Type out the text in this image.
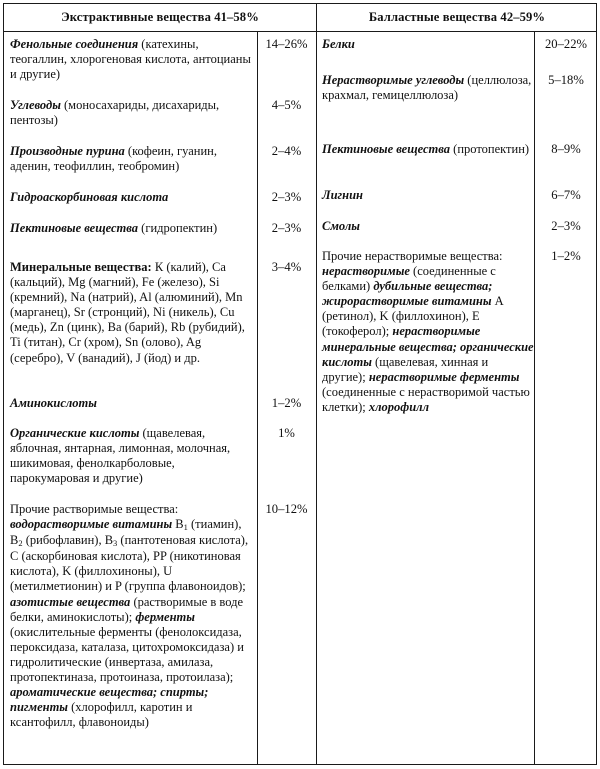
Экстрактивные вещества 41–58%	Балластные вещества 42–59%
Фенольные соединения (катехины, теогаллин, хлорогеновая кислота, антоцианы и другие)
14–26%
Углеводы (моносахариды, дисахариды, пентозы)
4–5%
Производные пурина (кофеин, гуанин, аденин, теофиллин, теобромин)
2–4%
Гидроаскорбиновая кислота	2–3%
Пектиновые вещества (гидропектин)	2–3%
Минеральные вещества: К (калий), Ca (кальций), Mg (магний), Fe (железо), Si (кремний), Na (натрий), Al (алюминий), Mn (марганец), Sr (стронций), Ni (никель), Cu (медь), Zn (цинк), Ba (барий), Rb (рубидий), Ti (титан), Cr (хром), Sn (олово), Ag (серебро), V (ванадий), J (йод) и др.
3–4%
Аминокислоты	1–2%
Органические кислоты (щавелевая, яблочная, янтарная, лимонная, молочная, шикимовая, фенолкарболовые, парокумаровая и другие)
1%
Прочие растворимые вещества: водорастворимые витамины $B_1$ (тиамин), $B_2$ (рибофлавин), $B_3$ (пантотеновая кислота), C (аскорбиновая кислота), PP (никотиновая кислота), K (филлохиноны), U (метилметионин) и P (группа флавоноидов); азотистые вещества (растворимые в воде белки, аминокислоты); ферменты (окислительные ферменты (фенолоксидаза, пероксидаза, каталаза, цитохромоксидаза) и гидролитические (инвертаза, амилаза, протопектиназа, протоиназа, протоилаза); ароматические вещества; спирты; пигменты (хлорофилл, каротин и ксантофилл, флавоноиды)
10–12%
Белки	20–22%
Нерастворимые углеводы (целлюлоза, крахмал, гемицеллюлоза)
5–18%
Пектиновые вещества (протопектин)	8–9%
Лигнин	6–7%
Смолы	2–3%
Прочие нерастворимые вещества: нерастворимые (соединенные с белками) дубильные вещества; жирорастворимые витамины A (ретинол), K (филлохинон), E (токоферол); нерастворимые минеральные вещества; органические кислоты (щавелевая, хинная и другие); нерастворимые ферменты (соединенные с нерастворимой частью клетки); хлорофилл
1–2%
